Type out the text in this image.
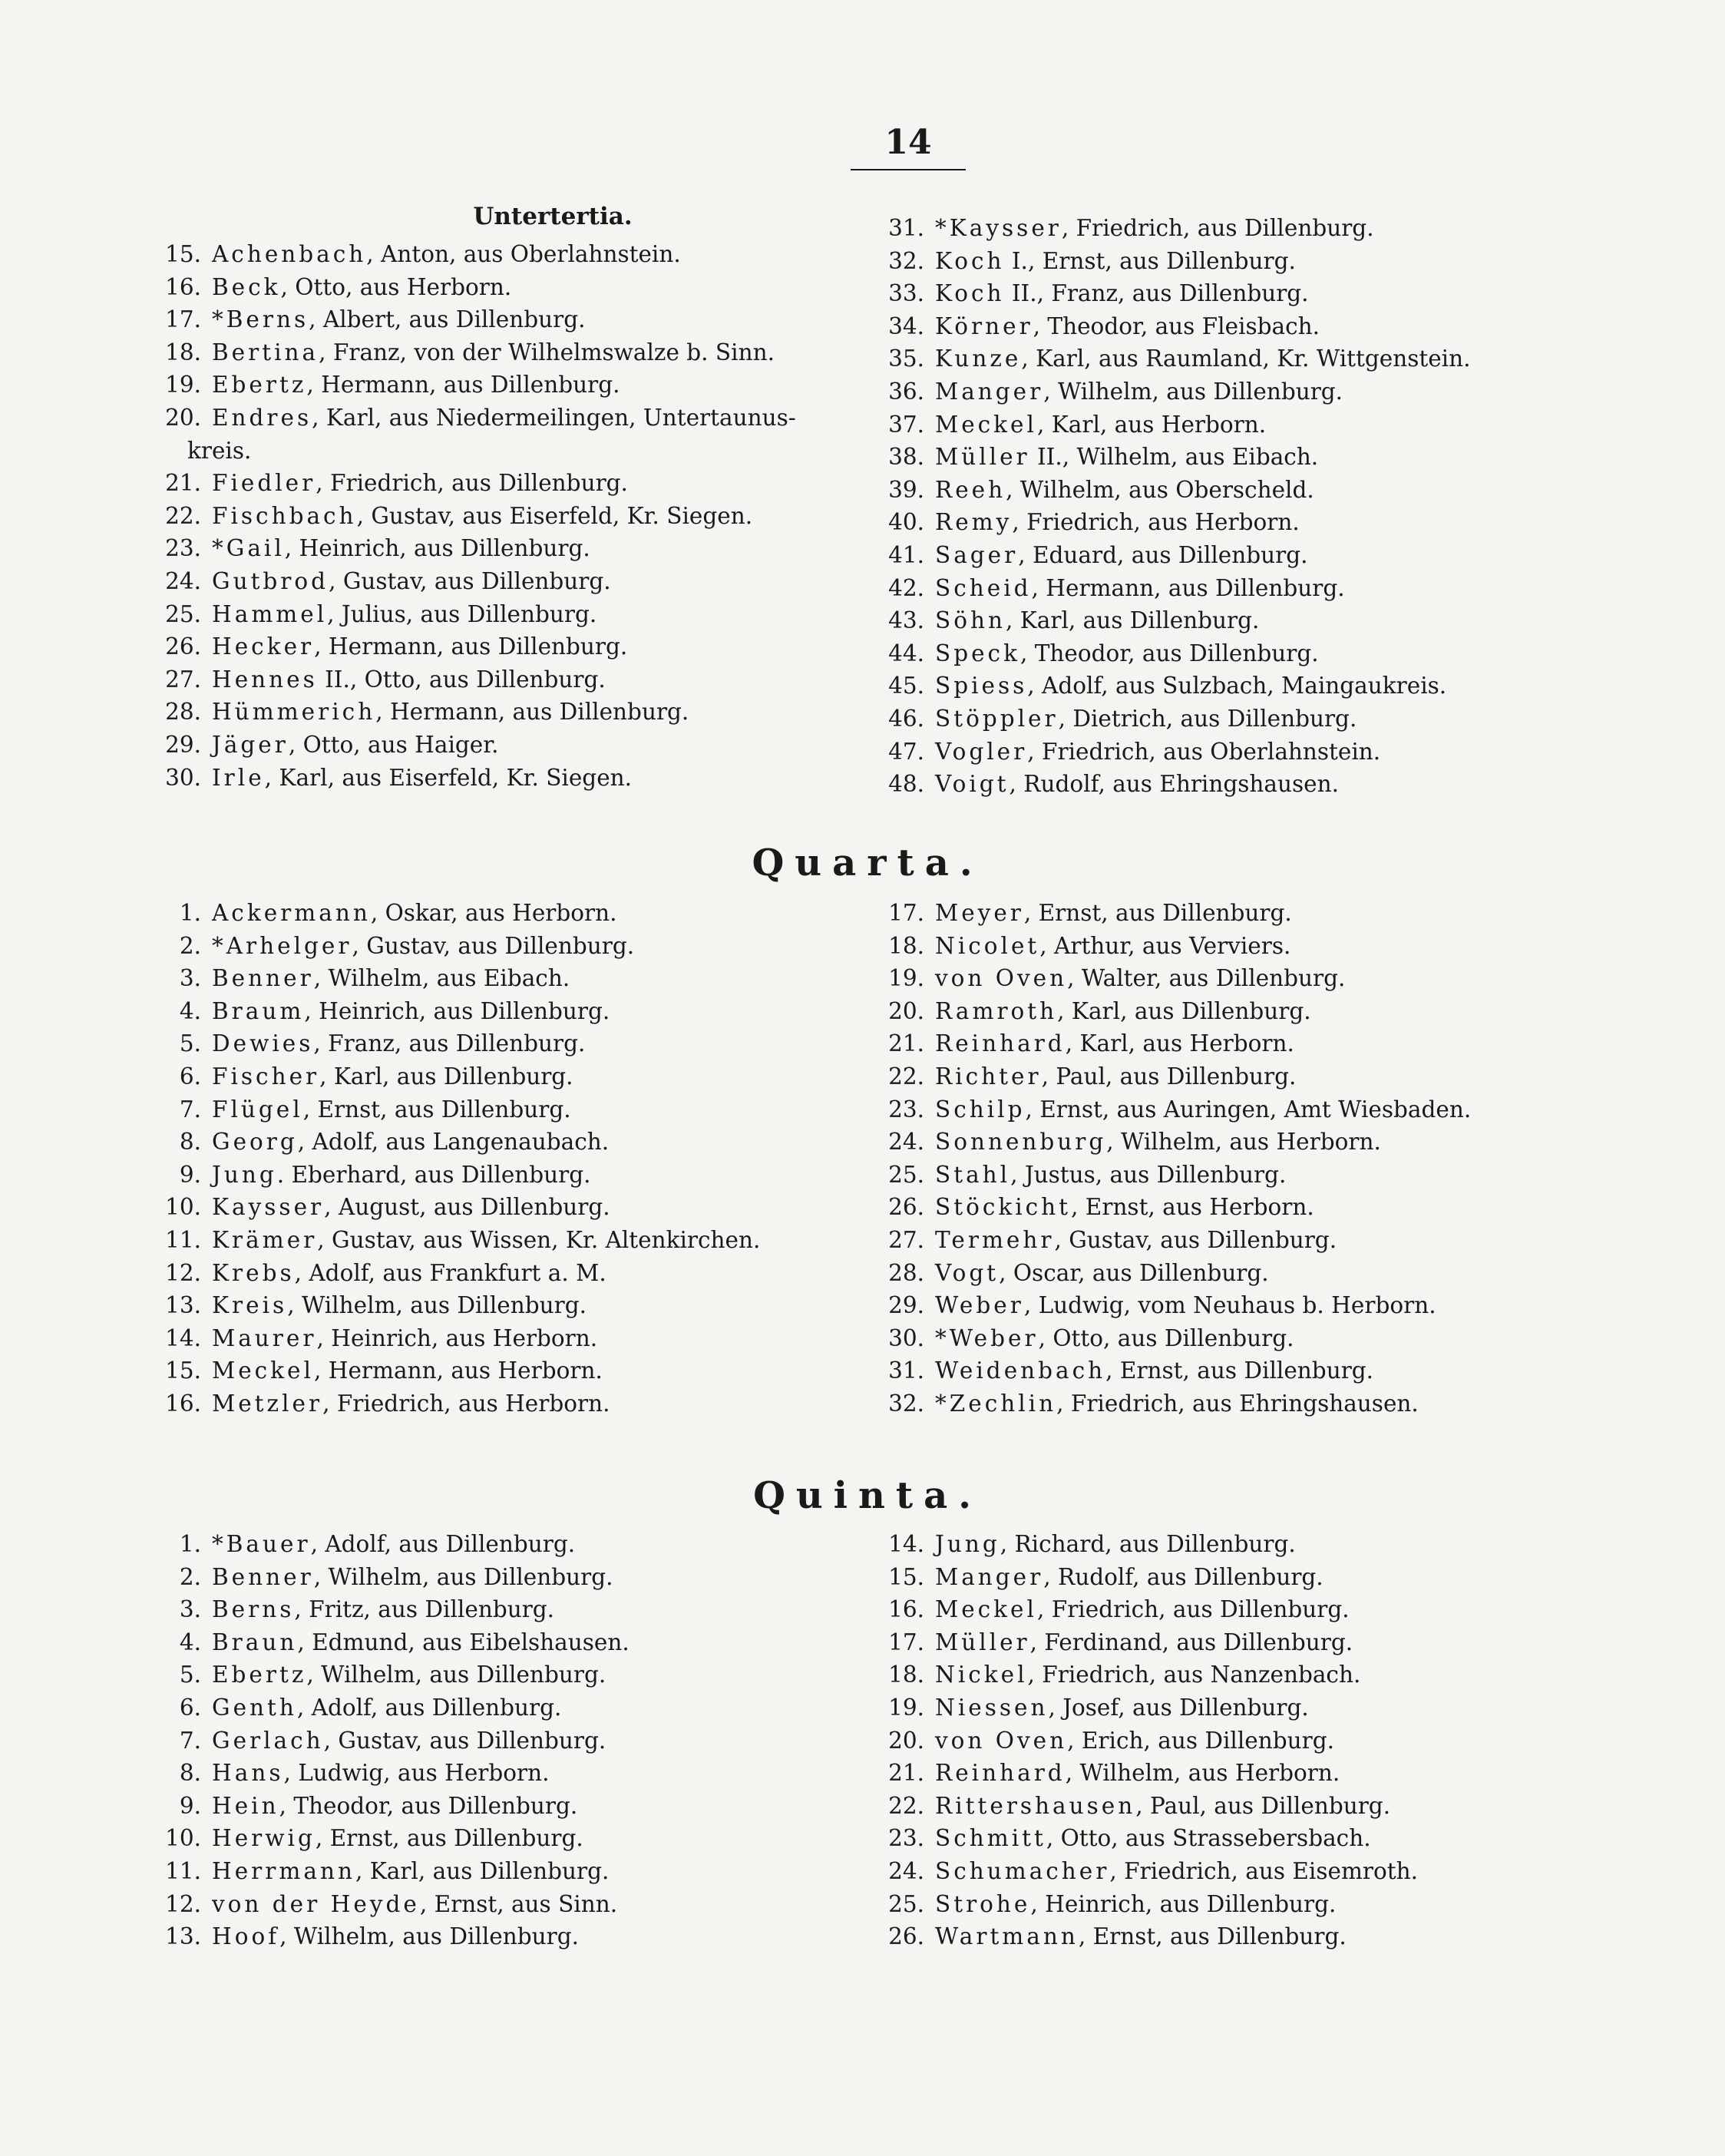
14
Untertertia.
15. Achenbach, Anton, aus Oberlahnstein.
16. Beck, Otto, aus Herborn.
17. *Berns, Albert, aus Dillenburg.
18. Bertina, Franz, von der Wilhelmswalze b. Sinn.
19. Ebertz, Hermann, aus Dillenburg.
20. Endres, Karl, aus Niedermeilingen, Untertaunus-
kreis.
21. Fiedler, Friedrich, aus Dillenburg.
22. Fischbach, Gustav, aus Eiserfeld, Kr. Siegen.
23. *Gail, Heinrich, aus Dillenburg.
24. Gutbrod, Gustav, aus Dillenburg.
25. Hammel, Julius, aus Dillenburg.
26. Hecker, Hermann, aus Dillenburg.
27. Hennes II., Otto, aus Dillenburg.
28. Hümmerich, Hermann, aus Dillenburg.
29. Jäger, Otto, aus Haiger.
30. Irle, Karl, aus Eiserfeld, Kr. Siegen.
31. *Kaysser, Friedrich, aus Dillenburg.
32. Koch I., Ernst, aus Dillenburg.
33. Koch II., Franz, aus Dillenburg.
34. Körner, Theodor, aus Fleisbach.
35. Kunze, Karl, aus Raumland, Kr. Wittgenstein.
36. Manger, Wilhelm, aus Dillenburg.
37. Meckel, Karl, aus Herborn.
38. Müller II., Wilhelm, aus Eibach.
39. Reeh, Wilhelm, aus Oberscheld.
40. Remy, Friedrich, aus Herborn.
41. Sager, Eduard, aus Dillenburg.
42. Scheid, Hermann, aus Dillenburg.
43. Söhn, Karl, aus Dillenburg.
44. Speck, Theodor, aus Dillenburg.
45. Spiess, Adolf, aus Sulzbach, Maingaukreis.
46. Stöppler, Dietrich, aus Dillenburg.
47. Vogler, Friedrich, aus Oberlahnstein.
48. Voigt, Rudolf, aus Ehringshausen.
Quarta.
1. Ackermann, Oskar, aus Herborn.
2. *Arhelger, Gustav, aus Dillenburg.
3. Benner, Wilhelm, aus Eibach.
4. Braum, Heinrich, aus Dillenburg.
5. Dewies, Franz, aus Dillenburg.
6. Fischer, Karl, aus Dillenburg.
7. Flügel, Ernst, aus Dillenburg.
8. Georg, Adolf, aus Langenaubach.
9. Jung. Eberhard, aus Dillenburg.
10. Kaysser, August, aus Dillenburg.
11. Krämer, Gustav, aus Wissen, Kr. Altenkirchen.
12. Krebs, Adolf, aus Frankfurt a. M.
13. Kreis, Wilhelm, aus Dillenburg.
14. Maurer, Heinrich, aus Herborn.
15. Meckel, Hermann, aus Herborn.
16. Metzler, Friedrich, aus Herborn.
17. Meyer, Ernst, aus Dillenburg.
18. Nicolet, Arthur, aus Verviers.
19. von Oven, Walter, aus Dillenburg.
20. Ramroth, Karl, aus Dillenburg.
21. Reinhard, Karl, aus Herborn.
22. Richter, Paul, aus Dillenburg.
23. Schilp, Ernst, aus Auringen, Amt Wiesbaden.
24. Sonnenburg, Wilhelm, aus Herborn.
25. Stahl, Justus, aus Dillenburg.
26. Stöckicht, Ernst, aus Herborn.
27. Termehr, Gustav, aus Dillenburg.
28. Vogt, Oscar, aus Dillenburg.
29. Weber, Ludwig, vom Neuhaus b. Herborn.
30. *Weber, Otto, aus Dillenburg.
31. Weidenbach, Ernst, aus Dillenburg.
32. *Zechlin, Friedrich, aus Ehringshausen.
Quinta.
1. *Bauer, Adolf, aus Dillenburg.
2. Benner, Wilhelm, aus Dillenburg.
3. Berns, Fritz, aus Dillenburg.
4. Braun, Edmund, aus Eibelshausen.
5. Ebertz, Wilhelm, aus Dillenburg.
6. Genth, Adolf, aus Dillenburg.
7. Gerlach, Gustav, aus Dillenburg.
8. Hans, Ludwig, aus Herborn.
9. Hein, Theodor, aus Dillenburg.
10. Herwig, Ernst, aus Dillenburg.
11. Herrmann, Karl, aus Dillenburg.
12. von der Heyde, Ernst, aus Sinn.
13. Hoof, Wilhelm, aus Dillenburg.
14. Jung, Richard, aus Dillenburg.
15. Manger, Rudolf, aus Dillenburg.
16. Meckel, Friedrich, aus Dillenburg.
17. Müller, Ferdinand, aus Dillenburg.
18. Nickel, Friedrich, aus Nanzenbach.
19. Niessen, Josef, aus Dillenburg.
20. von Oven, Erich, aus Dillenburg.
21. Reinhard, Wilhelm, aus Herborn.
22. Rittershausen, Paul, aus Dillenburg.
23. Schmitt, Otto, aus Strassebersbach.
24. Schumacher, Friedrich, aus Eisemroth.
25. Strohe, Heinrich, aus Dillenburg.
26. Wartmann, Ernst, aus Dillenburg.
